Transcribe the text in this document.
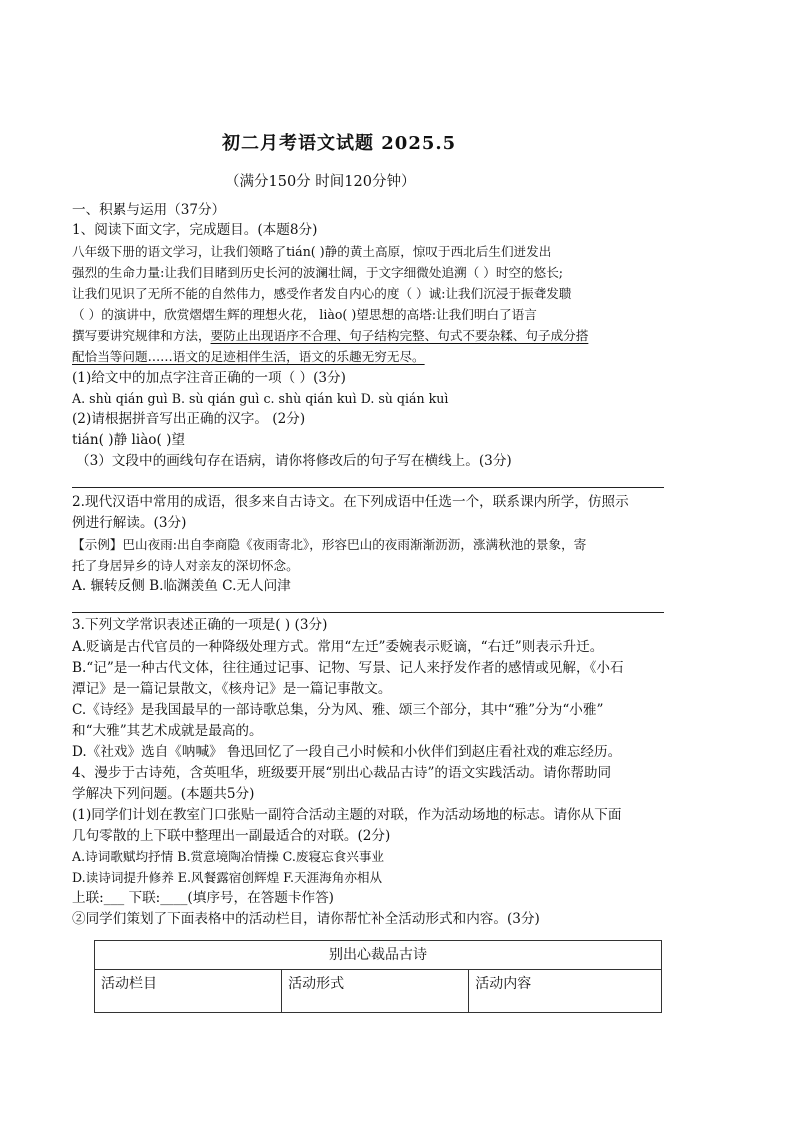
初二月考语文试题 2025.5
（满分150分 时间120分钟）
一、积累与运用（37分）
1、阅读下面文字，完成题目。(本题8分)
八年级下册的语文学习，让我们领略了tián( )静的黄土高原，惊叹于西北后生们迸发出
强烈的生命力量:让我们目睹到历史长河的波澜壮阔，于文字细微处追溯（ ）时空的悠长;
让我们见识了无所不能的自然伟力，感受作者发自内心的度（ ）诚:让我们沉浸于振聋发聩
（ ）的演讲中，欣赏熠熠生辉的理想火花， liào( )望思想的高塔:让我们明白了语言
撰写要讲究规律和方法，要防止出现语序不合理、句子结构完整、句式不要杂糅、句子成分搭
配恰当等问题……语文的足迹相伴生活，语文的乐趣无穷无尽。
(1)给文中的加点字注音正确的一项（ ）(3分)
A. shù qián guì B. sù qián guì c. shù qián kuì D. sù qián kuì
(2)请根据拼音写出正确的汉字。 (2分)
tián( )静 liào( )望
（3）文段中的画线句存在语病，请你将修改后的句子写在横线上。(3分)
2.现代汉语中常用的成语，很多来自古诗文。在下列成语中任选一个，联系课内所学，仿照示
例进行解读。(3分)
【示例】巴山夜雨:出自李商隐《夜雨寄北》，形容巴山的夜雨渐渐沥沥，涨满秋池的景象，寄
托了身居异乡的诗人对亲友的深切怀念。
A. 辗转反侧 B.临渊羡鱼 C.无人问津
3.下列文学常识表述正确的一项是( ) (3分)
A.贬谪是古代官员的一种降级处理方式。常用“左迁”委婉表示贬谪，“右迁”则表示升迁。
B.“记”是一种古代文体，往往通过记事、记物、写景、记人来抒发作者的感情或见解，《小石
潭记》是一篇记景散文，《核舟记》是一篇记事散文。
C.《诗经》是我国最早的一部诗歌总集，分为风、雅、颂三个部分，其中“雅”分为“小雅”
和“大雅”其艺术成就是最高的。
D.《社戏》选自《呐喊》 鲁迅回忆了一段自己小时候和小伙伴们到赵庄看社戏的难忘经历。
4、漫步于古诗苑，含英咀华，班级要开展“别出心裁品古诗”的语文实践活动。请你帮助同
学解决下列问题。(本题共5分)
(1)同学们计划在教室门口张贴一副符合活动主题的对联，作为活动场地的标志。请你从下面
几句零散的上下联中整理出一副最适合的对联。(2分)
A.诗词歌赋均抒情 B.赏意境陶冶情操 C.废寝忘食兴事业
D.读诗词提升修养 E.风餐露宿创辉煌 F.天涯海角亦相从
上联:___ 下联:____(填序号，在答题卡作答)
②同学们策划了下面表格中的活动栏目，请你帮忙补全活动形式和内容。(3分)
别出心裁品古诗
活动栏目	活动形式	活动内容
